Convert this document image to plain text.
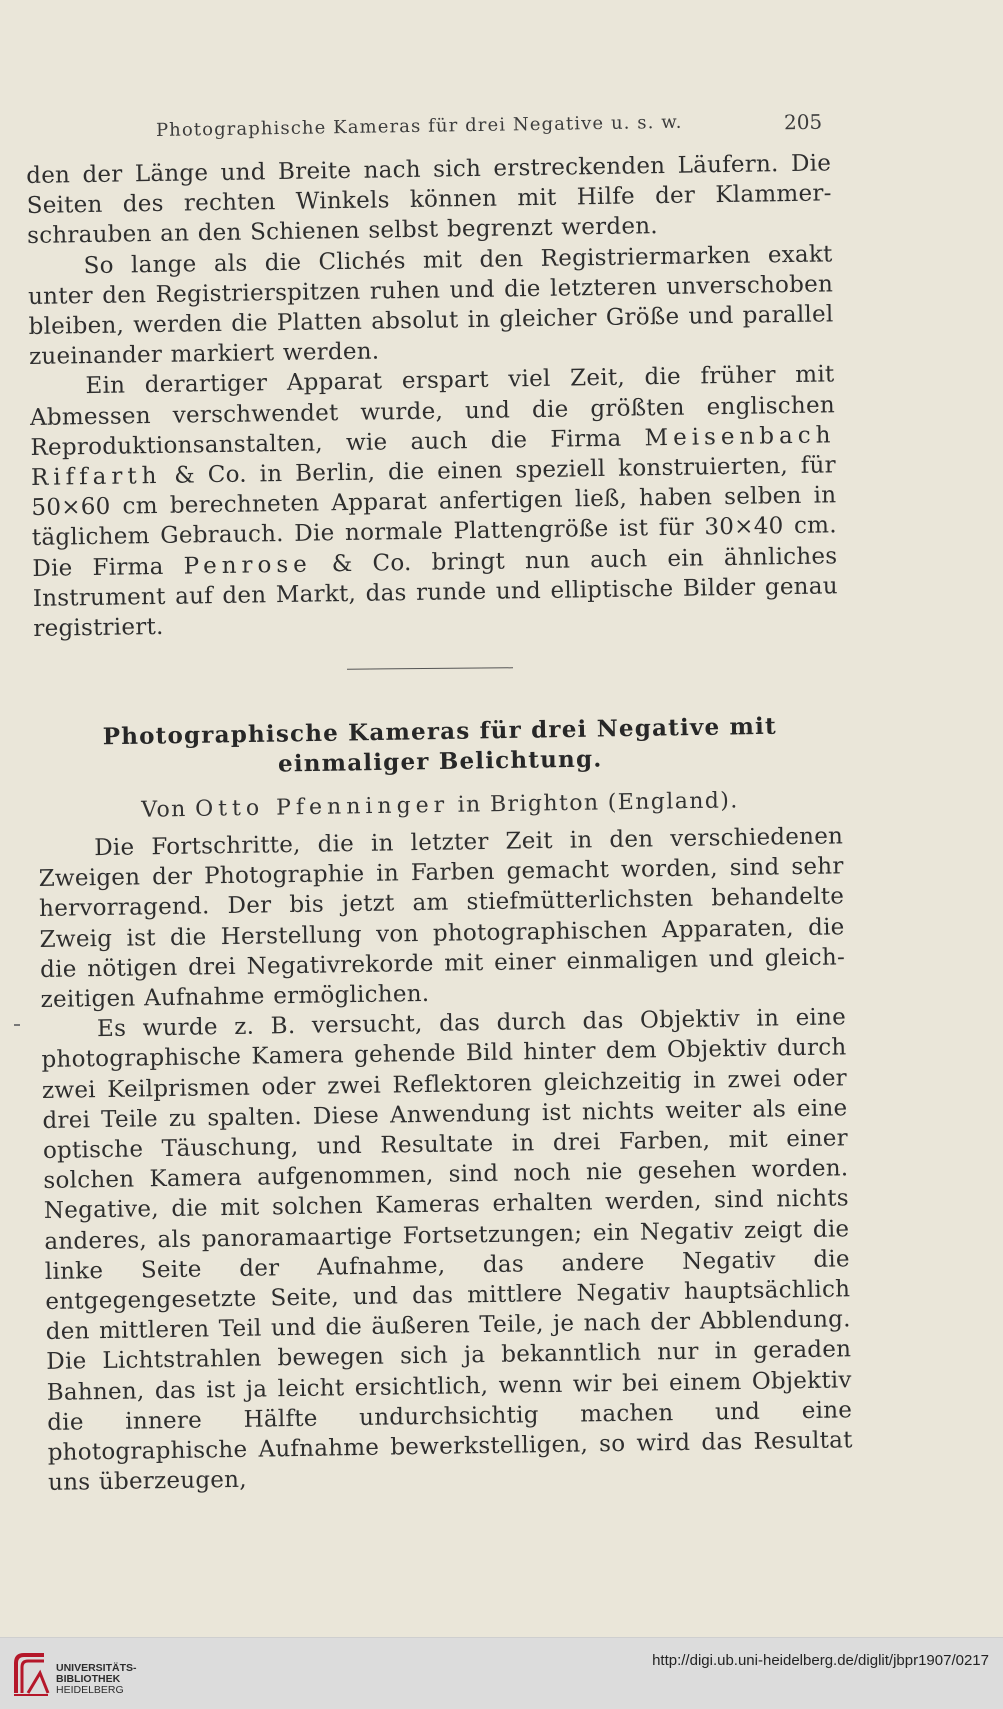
Photographische Kameras für drei Negative u. s. w.	205

den der Länge und Breite nach sich erstreckenden Läufern. Die Seiten des rechten Winkels können mit Hilfe der Klammer-schrauben an den Schienen selbst begrenzt werden.

So lange als die Clichés mit den Registriermarken exakt unter den Registrierspitzen ruhen und die letzteren unverschoben bleiben, werden die Platten absolut in gleicher Größe und parallel zueinander markiert werden.

Ein derartiger Apparat erspart viel Zeit, die früher mit Abmessen verschwendet wurde, und die größten englischen Reproduktionsanstalten, wie auch die Firma Meisenbach Riffarth & Co. in Berlin, die einen speziell konstruierten, für 50×60 cm berechneten Apparat anfertigen ließ, haben selben in täglichem Gebrauch. Die normale Plattengröße ist für 30×40 cm. Die Firma Penrose & Co. bringt nun auch ein ähnliches Instrument auf den Markt, das runde und elliptische Bilder genau registriert.

Photographische Kameras für drei Negative mit einmaliger Belichtung.
Von Otto Pfenninger in Brighton (England).

Die Fortschritte, die in letzter Zeit in den verschiedenen Zweigen der Photographie in Farben gemacht worden, sind sehr hervorragend. Der bis jetzt am stiefmütterlichsten behandelte Zweig ist die Herstellung von photographischen Apparaten, die die nötigen drei Negativrekorde mit einer einmaligen und gleich-zeitigen Aufnahme ermöglichen.

Es wurde z. B. versucht, das durch das Objektiv in eine photographische Kamera gehende Bild hinter dem Objektiv durch zwei Keilprismen oder zwei Reflektoren gleichzeitig in zwei oder drei Teile zu spalten. Diese Anwendung ist nichts weiter als eine optische Täuschung, und Resultate in drei Farben, mit einer solchen Kamera aufgenommen, sind noch nie gesehen worden. Negative, die mit solchen Kameras erhalten werden, sind nichts anderes, als panoramaartige Fortsetzungen; ein Negativ zeigt die linke Seite der Aufnahme, das andere Negativ die entgegengesetzte Seite, und das mittlere Negativ hauptsächlich den mittleren Teil und die äußeren Teile, je nach der Abblendung. Die Lichtstrahlen bewegen sich ja bekanntlich nur in geraden Bahnen, das ist ja leicht ersichtlich, wenn wir bei einem Objektiv die innere Hälfte undurchsichtig machen und eine photographische Aufnahme bewerkstelligen, so wird das Resultat uns überzeugen,

UNIVERSITÄTS-
BIBLIOTHEK
HEIDELBERG
http://digi.ub.uni-heidelberg.de/diglit/jbpr1907/0217
